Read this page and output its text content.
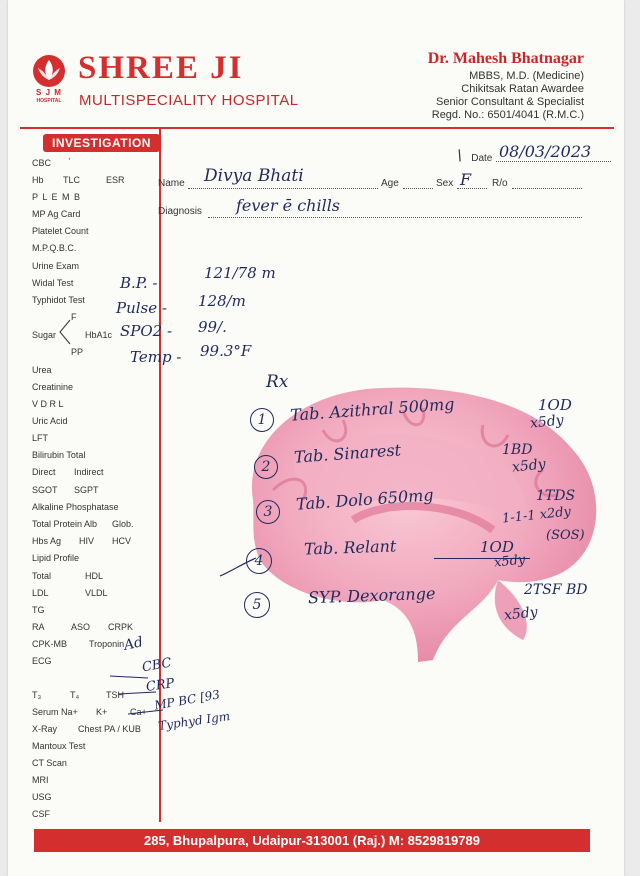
S J M
HOSPITAL
SHREE JI
MULTISPECIALITY HOSPITAL
Dr. Mahesh Bhatnagar
MBBS, M.D. (Medicine)
Chikitsak Ratan Awardee
Senior Consultant & Specialist
Regd. No.: 6501/4041 (R.M.C.)
INVESTIGATION
CBC
Hb TLC	ESR
P L E M B
MP Ag Card
Platelet Count
M.P.Q.B.C.
Urine Exam
Widal Test
Typhidot Test
F
Sugar	HbA1c
PP
Urea
Creatinine
V D R L
Uric Acid
LFT
Bilirubin Total
Direct Indirect
SGOT SGPT
Alkaline Phosphatase
Total Protein Alb Glob.
Hbs Ag HIV HCV
Lipid Profile
Total	HDL
LDL	VLDL
TG
RA	ASO CRPK
CPK-MB Troponin
ECG
T₃	T₄	TSH
Serum Na+ K+	Ca+
X-Ray Chest PA / KUB
Mantoux Test
CT Scan
MRI
USG
CSF
·	/ Date 08/03/2023
Name Divya Bhati	Age	Sex F R/o
Diagnosis fever ē chills
B.P. -
121/78 m
Pulse - 128/m
SPO2 - 99/.
Temp - 99.3°F
Ad
CBC
CRP
MP BC [93
Typhyd Igm
Rx
1	Tab. Azithral 500mg	1OD
x5dy
2
Tab. Sinarest	1BD
x5dy
3	Tab. Dolo 650mg	1TDS
1-1-1 x2dy
(SOS)
4
Tab. Relant	1OD
x5dy
5	SYP. Dexorange	2TSF BD
x5dy
285, Bhupalpura, Udaipur-313001 (Raj.) M: 8529819789
